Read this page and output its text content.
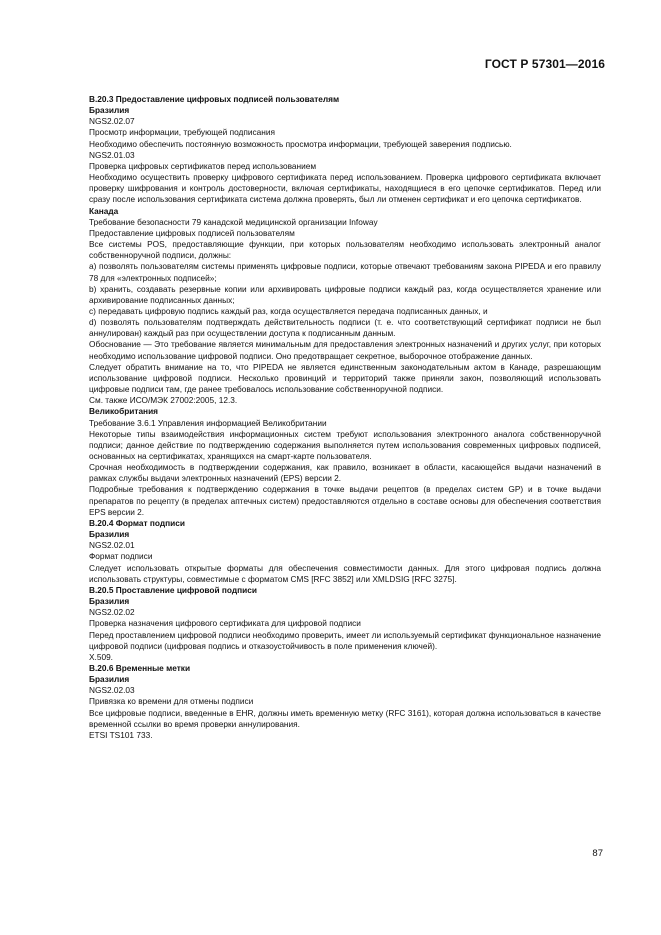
ГОСТ Р 57301—2016

В.20.3 Предоставление цифровых подписей пользователям

Бразилия

NGS2.02.07

Просмотр информации, требующей подписания

Необходимо обеспечить постоянную возможность просмотра информации, требующей заверения подписью.

NGS2.01.03

Проверка цифровых сертификатов перед использованием

Необходимо осуществить проверку цифрового сертификата перед использованием. Проверка цифрового сертификата включает проверку шифрования и контроль достоверности, включая сертификаты, находящиеся в его цепочке сертификатов. Перед или сразу после использования сертификата система должна проверять, был ли отменен сертификат и его цепочка сертификатов.

Канада

Требование безопасности 79 канадской медицинской организации Infoway

Предоставление цифровых подписей пользователям

Все системы POS, предоставляющие функции, при которых пользователям необходимо использовать электронный аналог собственноручной подписи, должны:

а) позволять пользователям системы применять цифровые подписи, которые отвечают требованиям закона PIPEDA и его правилу 78 для «электронных подписей»;

b) хранить, создавать резервные копии или архивировать цифровые подписи каждый раз, когда осуществляется хранение или архивирование подписанных данных;

c) передавать цифровую подпись каждый раз, когда осуществляется передача подписанных данных, и

d) позволять пользователям подтверждать действительность подписи (т. е. что соответствующий сертификат подписи не был аннулирован) каждый раз при осуществлении доступа к подписанным данным.

Обоснование — Это требование является минимальным для предоставления электронных назначений и других услуг, при которых необходимо использование цифровой подписи. Оно предотвращает секретное, выборочное отображение данных.

Следует обратить внимание на то, что PIPEDA не является единственным законодательным актом в Канаде, разрешающим использование цифровой подписи. Несколько провинций и территорий также приняли закон, позволяющий использовать цифровые подписи там, где ранее требовалось использование собственноручной подписи.

См. также ИСО/МЭК 27002:2005, 12.3.

Великобритания

Требование 3.6.1 Управления информацией Великобритании

Некоторые типы взаимодействия информационных систем требуют использования электронного аналога собственноручной подписи; данное действие по подтверждению содержания выполняется путем использования современных цифровых подписей, основанных на сертификатах, хранящихся на смарт-карте пользователя.

Срочная необходимость в подтверждении содержания, как правило, возникает в области, касающейся выдачи назначений в рамках службы выдачи электронных назначений (EPS) версии 2.

Подробные требования к подтверждению содержания в точке выдачи рецептов (в пределах систем GP) и в точке выдачи препаратов по рецепту (в пределах аптечных систем) предоставляются отдельно в составе основы для обеспечения соответствия EPS версии 2.

В.20.4 Формат подписи

Бразилия

NGS2.02.01

Формат подписи

Следует использовать открытые форматы для обеспечения совместимости данных. Для этого цифровая подпись должна использовать структуры, совместимые с форматом CMS [RFC 3852] или XMLDSIG [RFC 3275].

В.20.5 Проставление цифровой подписи

Бразилия

NGS2.02.02

Проверка назначения цифрового сертификата для цифровой подписи

Перед проставлением цифровой подписи необходимо проверить, имеет ли используемый сертификат функциональное назначение цифровой подписи (цифровая подпись и отказоустойчивость в поле применения ключей).

X.509.

В.20.6 Временные метки

Бразилия

NGS2.02.03

Привязка ко времени для отмены подписи

Все цифровые подписи, введенные в EHR, должны иметь временную метку (RFC 3161), которая должна использоваться в качестве временной ссылки во время проверки аннулирования.

ETSI TS101 733.

87
